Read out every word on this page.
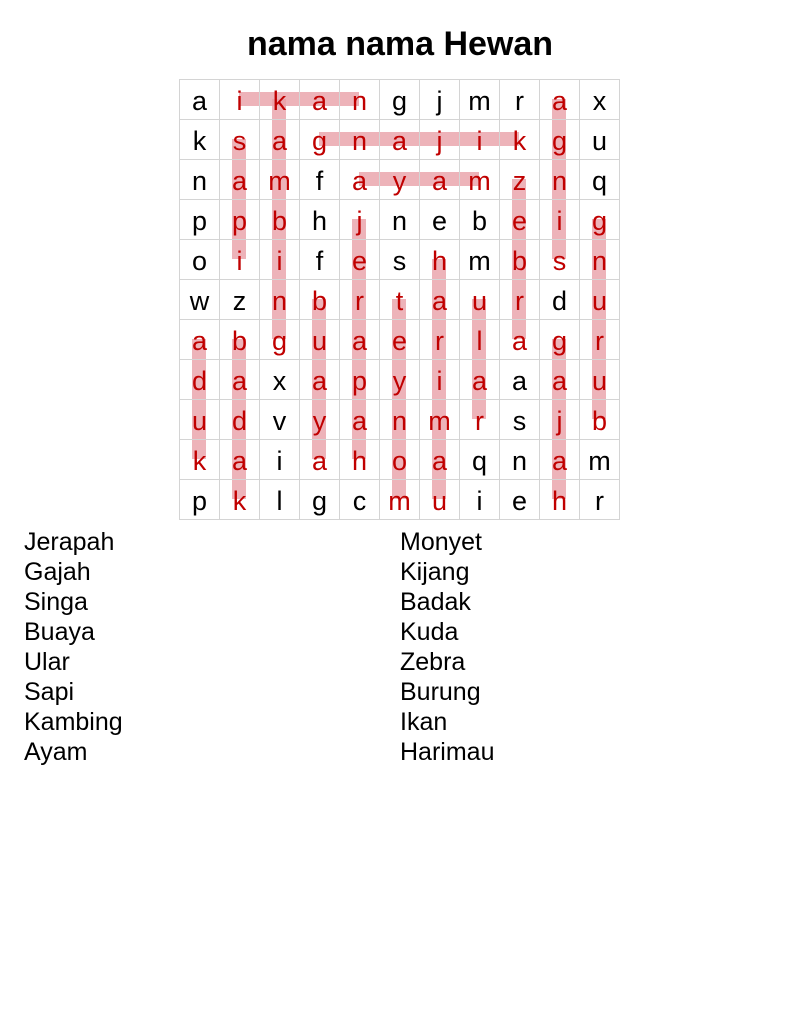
nama nama Hewan
a	i	k a n g	j m r	a x
k s a g n a	j	i	k g u
n a m f	a y a m z n q
p p b h	j	n e b e	i	g
o	i	i	f	e s h m b s n
w z n b	r	t	a u	r	d u
a b g u a e	r	l	a g	r
d a x a p y	i	a a a u
u d v y a n m r	s	j	b
k a	i	a h o a q n a m
p k	l	g c m u	i	e h	r
Jerapah
Gajah
Singa
Buaya
Ular
Sapi
Kambing
Ayam
Monyet
Kijang
Badak
Kuda
Zebra
Burung
Ikan
Harimau
